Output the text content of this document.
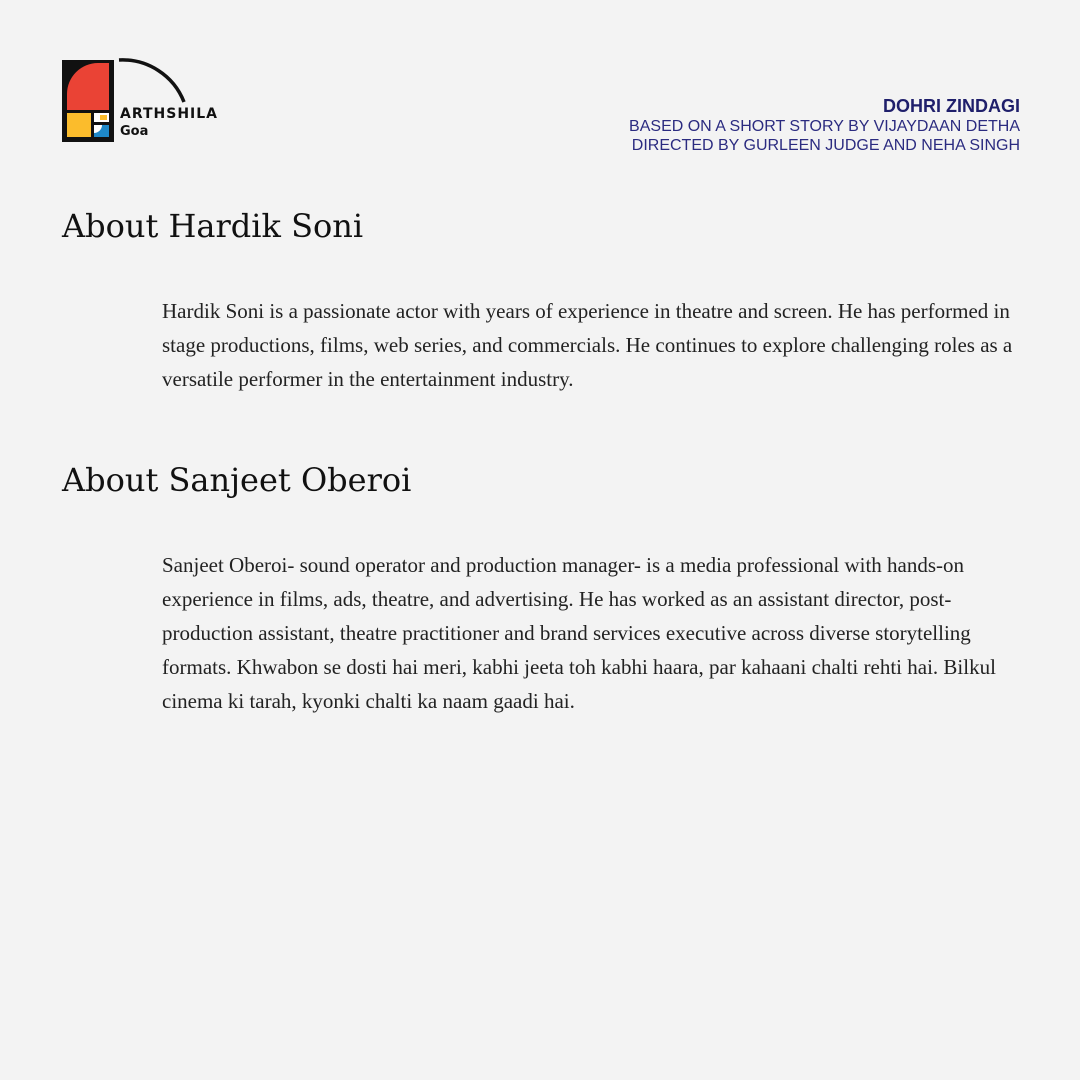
ARTHSHILA
Goa
DOHRI ZINDAGI
BASED ON A SHORT STORY BY VIJAYDAAN DETHA
DIRECTED BY GURLEEN JUDGE AND NEHA SINGH
About Hardik Soni

Hardik Soni is a passionate actor with years of experience in theatre and screen. He has performed in stage productions, films, web series, and commercials. He continues to explore challenging roles as a versatile performer in the entertainment industry.

About Sanjeet Oberoi

Sanjeet Oberoi- sound operator and production manager- is a media professional with hands-on experience in films, ads, theatre, and advertising. He has worked as an assistant director, post-production assistant, theatre practitioner and brand services executive across diverse storytelling formats. Khwabon se dosti hai meri, kabhi jeeta toh kabhi haara, par kahaani chalti rehti hai. Bilkul cinema ki tarah, kyonki chalti ka naam gaadi hai.
